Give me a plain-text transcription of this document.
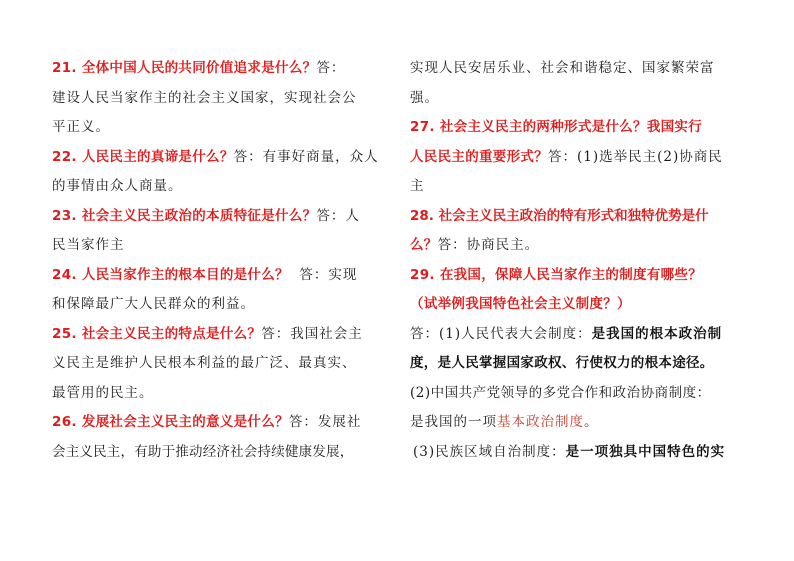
21. 全体中国人民的共同价值追求是什么？答：
建设人民当家作主的社会主义国家，实现社会公
平正义。
22. 人民民主的真谛是什么？答：有事好商量，众人
的事情由众人商量。
23. 社会主义民主政治的本质特征是什么？答：人
民当家作主
24. 人民当家作主的根本目的是什么？  答：实现
和保障最广大人民群众的利益。
25. 社会主义民主的特点是什么？答：我国社会主
义民主是维护人民根本利益的最广泛、最真实、
最管用的民主。
26. 发展社会主义民主的意义是什么？答：发展社
会主义民主，有助于推动经济社会持续健康发展，
实现人民安居乐业、社会和谐稳定、国家繁荣富
强。
27. 社会主义民主的两种形式是什么？我国实行
人民民主的重要形式？答：(1)选举民主(2)协商民
主
28. 社会主义民主政治的特有形式和独特优势是什
么？答：协商民主。
29. 在我国，保障人民当家作主的制度有哪些？
（试举例我国特色社会主义制度？）
答：(1)人民代表大会制度：是我国的根本政治制
度，是人民掌握国家政权、行使权力的根本途径。
(2)中国共产党领导的多党合作和政治协商制度：
是我国的一项基本政治制度。
(3)民族区域自治制度：是一项独具中国特色的实
